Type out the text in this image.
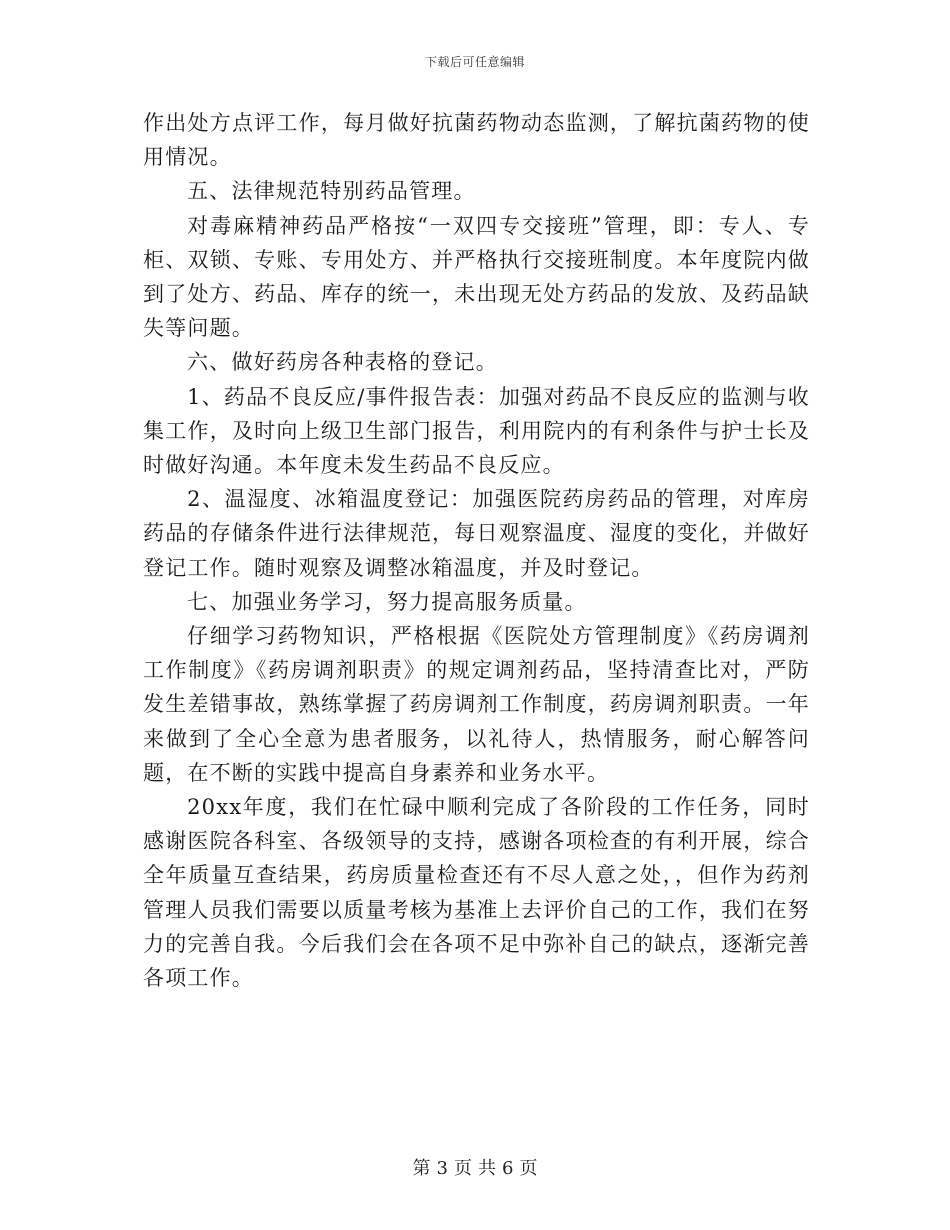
下载后可任意编辑

作出处方点评工作，每月做好抗菌药物动态监测，了解抗菌药物的使用情况。

五、法律规范特别药品管理。

对毒麻精神药品严格按“一双四专交接班”管理，即：专人、专柜、双锁、专账、专用处方、并严格执行交接班制度。本年度院内做到了处方、药品、库存的统一，未出现无处方药品的发放、及药品缺失等问题。

六、做好药房各种表格的登记。

1、药品不良反应/事件报告表：加强对药品不良反应的监测与收集工作，及时向上级卫生部门报告，利用院内的有利条件与护士长及时做好沟通。本年度未发生药品不良反应。

2、温湿度、冰箱温度登记：加强医院药房药品的管理，对库房药品的存储条件进行法律规范，每日观察温度、湿度的变化，并做好登记工作。随时观察及调整冰箱温度，并及时登记。

七、加强业务学习，努力提高服务质量。

仔细学习药物知识，严格根据《医院处方管理制度》《药房调剂工作制度》《药房调剂职责》的规定调剂药品，坚持清查比对，严防发生差错事故，熟练掌握了药房调剂工作制度，药房调剂职责。一年来做到了全心全意为患者服务，以礼待人，热情服务，耐心解答问题，在不断的实践中提高自身素养和业务水平。

20xx年度，我们在忙碌中顺利完成了各阶段的工作任务，同时感谢医院各科室、各级领导的支持，感谢各项检查的有利开展，综合全年质量互查结果，药房质量检查还有不尽人意之处，，但作为药剂管理人员我们需要以质量考核为基准上去评价自己的工作，我们在努力的完善自我。今后我们会在各项不足中弥补自己的缺点，逐渐完善各项工作。

第 3 页 共 6 页
